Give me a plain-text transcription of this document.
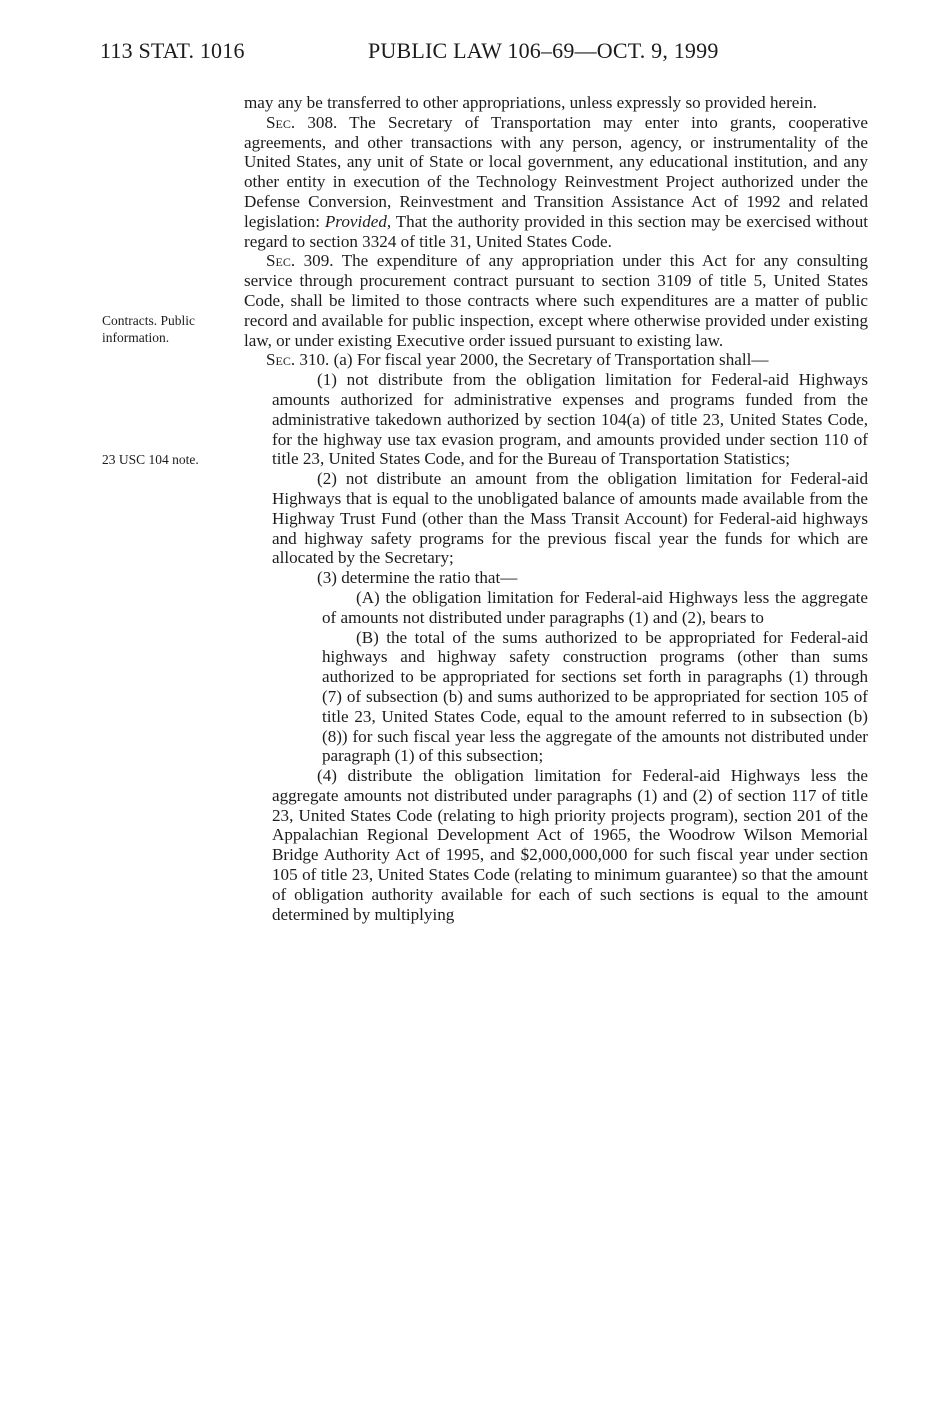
113 STAT. 1016	PUBLIC LAW 106–69—OCT. 9, 1999
Contracts. Public information.
23 USC 104 note.

may any be transferred to other appropriations, unless expressly so provided herein.

Sec. 308. The Secretary of Transportation may enter into grants, cooperative agreements, and other transactions with any person, agency, or instrumentality of the United States, any unit of State or local government, any educational institution, and any other entity in execution of the Technology Reinvestment Project authorized under the Defense Conversion, Reinvestment and Transition Assistance Act of 1992 and related legislation: Provided, That the authority provided in this section may be exercised without regard to section 3324 of title 31, United States Code.

Sec. 309. The expenditure of any appropriation under this Act for any consulting service through procurement contract pursuant to section 3109 of title 5, United States Code, shall be limited to those contracts where such expenditures are a matter of public record and available for public inspection, except where otherwise provided under existing law, or under existing Executive order issued pursuant to existing law.

Sec. 310. (a) For fiscal year 2000, the Secretary of Transportation shall—

(1) not distribute from the obligation limitation for Federal-aid Highways amounts authorized for administrative expenses and programs funded from the administrative takedown authorized by section 104(a) of title 23, United States Code, for the highway use tax evasion program, and amounts provided under section 110 of title 23, United States Code, and for the Bureau of Transportation Statistics;

(2) not distribute an amount from the obligation limitation for Federal-aid Highways that is equal to the unobligated balance of amounts made available from the Highway Trust Fund (other than the Mass Transit Account) for Federal-aid highways and highway safety programs for the previous fiscal year the funds for which are allocated by the Secretary;

(3) determine the ratio that—

(A) the obligation limitation for Federal-aid Highways less the aggregate of amounts not distributed under paragraphs (1) and (2), bears to

(B) the total of the sums authorized to be appropriated for Federal-aid highways and highway safety construction programs (other than sums authorized to be appropriated for sections set forth in paragraphs (1) through (7) of subsection (b) and sums authorized to be appropriated for section 105 of title 23, United States Code, equal to the amount referred to in subsection (b)(8)) for such fiscal year less the aggregate of the amounts not distributed under paragraph (1) of this subsection;

(4) distribute the obligation limitation for Federal-aid Highways less the aggregate amounts not distributed under paragraphs (1) and (2) of section 117 of title 23, United States Code (relating to high priority projects program), section 201 of the Appalachian Regional Development Act of 1965, the Woodrow Wilson Memorial Bridge Authority Act of 1995, and $2,000,000,000 for such fiscal year under section 105 of title 23, United States Code (relating to minimum guarantee) so that the amount of obligation authority available for each of such sections is equal to the amount determined by multiplying
